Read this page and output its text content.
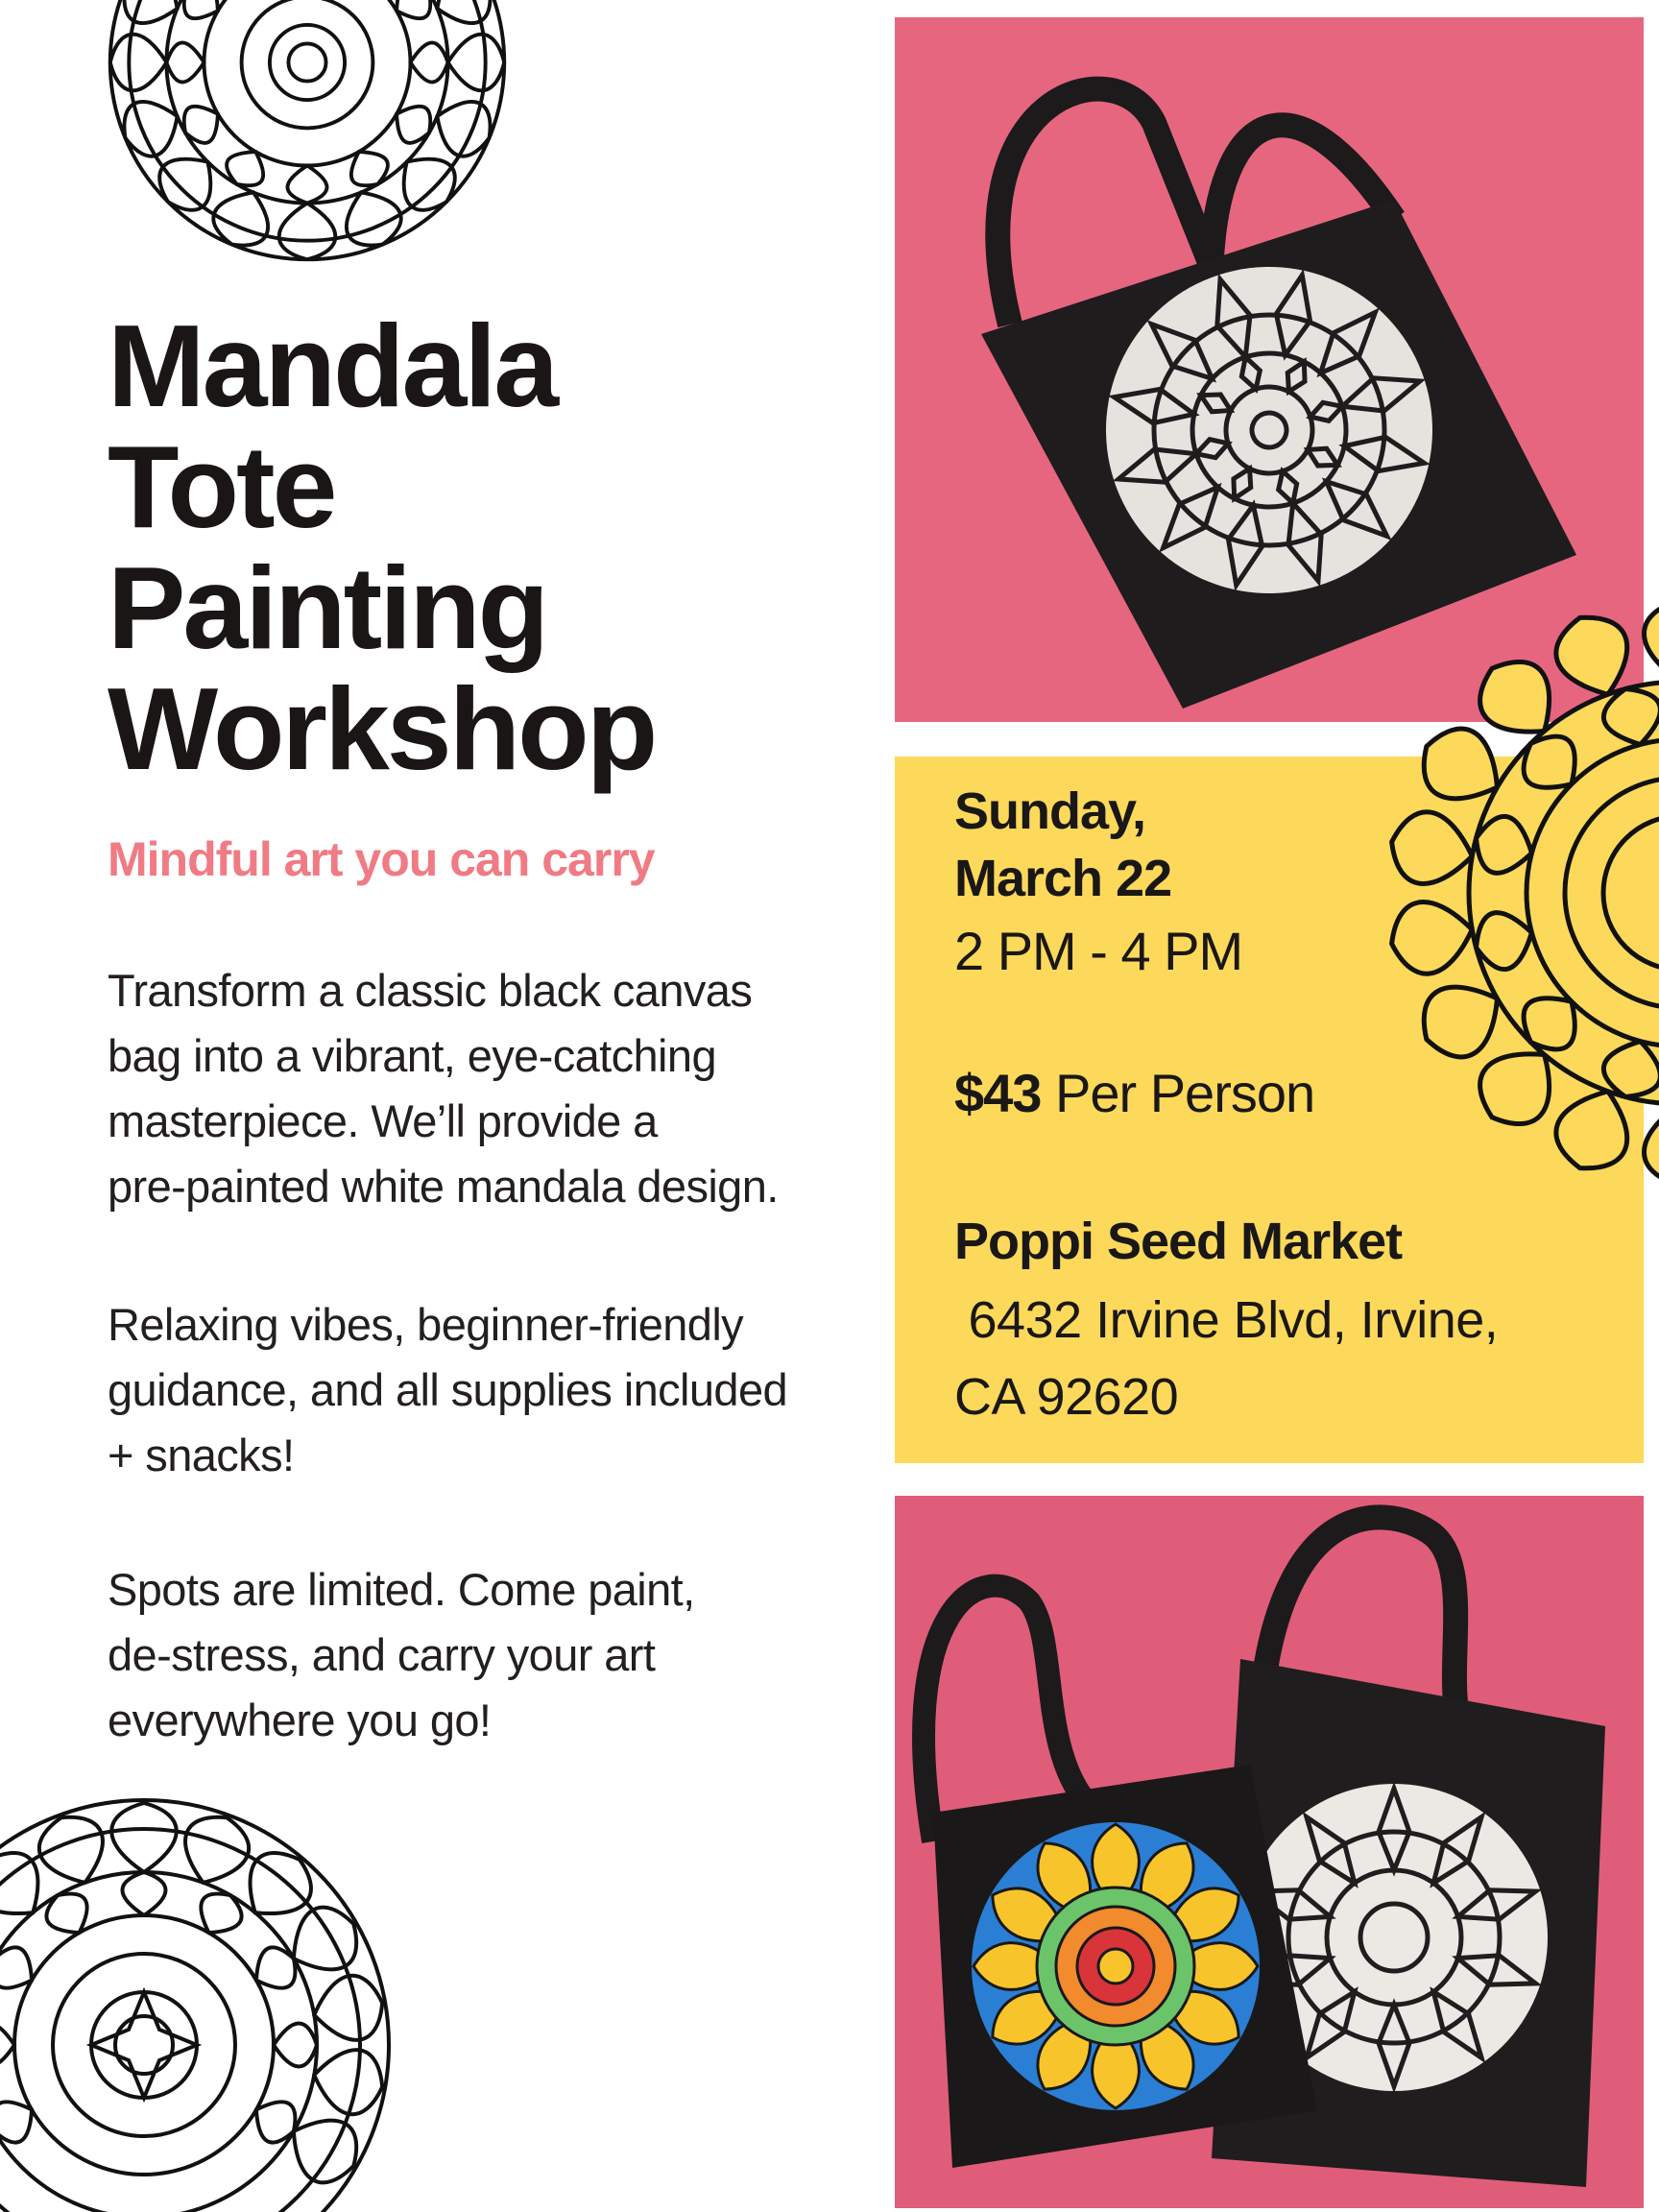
Mandala
Tote
Painting
Workshop
Mindful art you can carry
Transform a classic black canvas
bag into a vibrant, eye-catching
masterpiece. We’ll provide a
pre-painted white mandala design.
Relaxing vibes, beginner-friendly
guidance, and all supplies included
+ snacks!
Spots are limited. Come paint,
de-stress, and carry your art
everywhere you go!
Sunday,
March 22
2 PM - 4 PM
$43 Per Person
Poppi Seed Market
6432 Irvine Blvd, Irvine,
CA 92620
